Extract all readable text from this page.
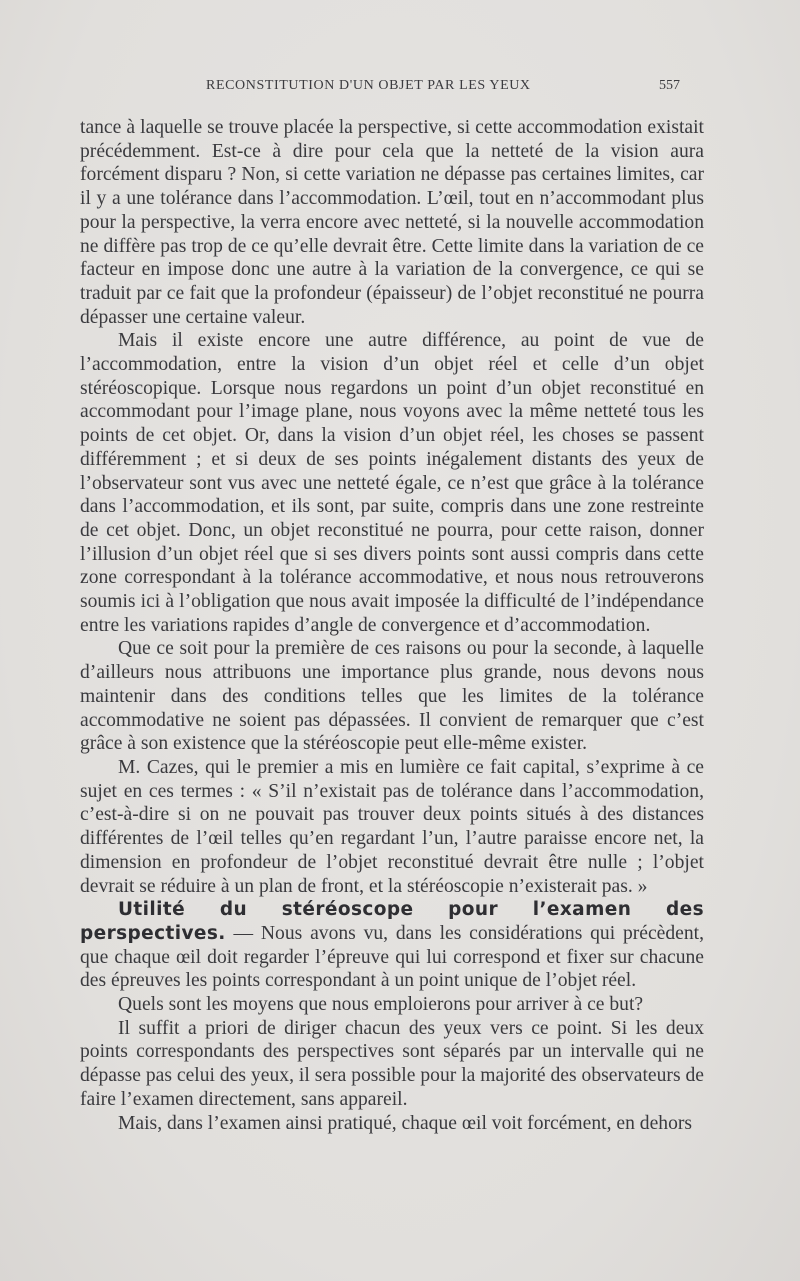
RECONSTITUTION D'UN OBJET PAR LES YEUX	557

tance à laquelle se trouve placée la perspective, si cette accommodation existait précédemment. Est-ce à dire pour cela que la netteté de la vision aura forcément disparu ? Non, si cette variation ne dépasse pas certaines limites, car il y a une tolérance dans l’accommodation. L’œil, tout en n’accommodant plus pour la perspective, la verra encore avec netteté, si la nouvelle accommodation ne diffère pas trop de ce qu’elle devrait être. Cette limite dans la variation de ce facteur en impose donc une autre à la variation de la convergence, ce qui se traduit par ce fait que la profondeur (épaisseur) de l’objet reconstitué ne pourra dépasser une certaine valeur.

Mais il existe encore une autre différence, au point de vue de l’accommodation, entre la vision d’un objet réel et celle d’un objet stéréoscopique. Lorsque nous regardons un point d’un objet reconstitué en accommodant pour l’image plane, nous voyons avec la même netteté tous les points de cet objet. Or, dans la vision d’un objet réel, les choses se passent différemment ; et si deux de ses points inégalement distants des yeux de l’observateur sont vus avec une netteté égale, ce n’est que grâce à la tolérance dans l’accommodation, et ils sont, par suite, compris dans une zone restreinte de cet objet. Donc, un objet reconstitué ne pourra, pour cette raison, donner l’illusion d’un objet réel que si ses divers points sont aussi compris dans cette zone correspondant à la tolérance accommodative, et nous nous retrouverons soumis ici à l’obligation que nous avait imposée la difficulté de l’indépendance entre les variations rapides d’angle de convergence et d’accommodation.

Que ce soit pour la première de ces raisons ou pour la seconde, à laquelle d’ailleurs nous attribuons une importance plus grande, nous devons nous maintenir dans des conditions telles que les limites de la tolérance accommodative ne soient pas dépassées. Il convient de remarquer que c’est grâce à son existence que la stéréoscopie peut elle-même exister.

M. Cazes, qui le premier a mis en lumière ce fait capital, s’exprime à ce sujet en ces termes : « S’il n’existait pas de tolérance dans l’accommodation, c’est-à-dire si on ne pouvait pas trouver deux points situés à des distances différentes de l’œil telles qu’en regardant l’un, l’autre paraisse encore net, la dimension en profondeur de l’objet reconstitué devrait être nulle ; l’objet devrait se réduire à un plan de front, et la stéréoscopie n’existerait pas. »

Utilité du stéréoscope pour l’examen des perspectives. — Nous avons vu, dans les considérations qui précèdent, que chaque œil doit regarder l’épreuve qui lui correspond et fixer sur chacune des épreuves les points correspondant à un point unique de l’objet réel.

Quels sont les moyens que nous emploierons pour arriver à ce but?

Il suffit a priori de diriger chacun des yeux vers ce point. Si les deux points correspondants des perspectives sont séparés par un intervalle qui ne dépasse pas celui des yeux, il sera possible pour la majorité des observateurs de faire l’examen directement, sans appareil.

Mais, dans l’examen ainsi pratiqué, chaque œil voit forcément, en dehors
